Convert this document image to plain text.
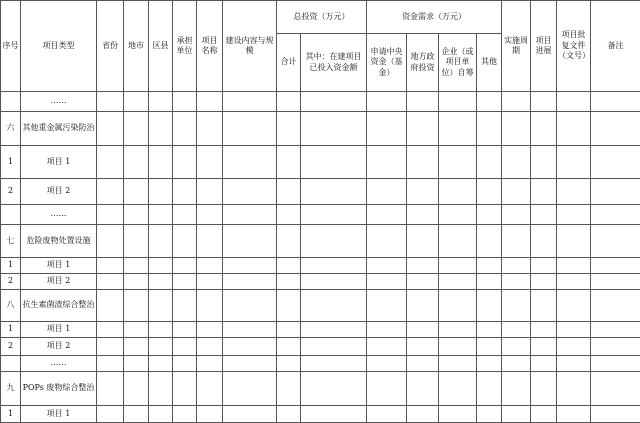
序号	项目类型	省份	地市	区县	承担单位	项目名称	建设内容与规模	总投资（万元）		资金需求（万元）				实施周期	项目进展	项目批复文件（文号）	备注
								合计	其中：在建项目已投入资金额	申请中央资金（基金）	地方政府投资	企业（或项目单位）自筹	其他				
	……																
六	其他重金属污染防治																
1	项目 1																
2	项目 2																
	……																
七	危险废物处置设施																
1	项目 1																
2	项目 2																
八	抗生素菌渣综合整治																
1	项目 1																
2	项目 2																
	……																
九	POPs 废物综合整治																
1	项目 1																
